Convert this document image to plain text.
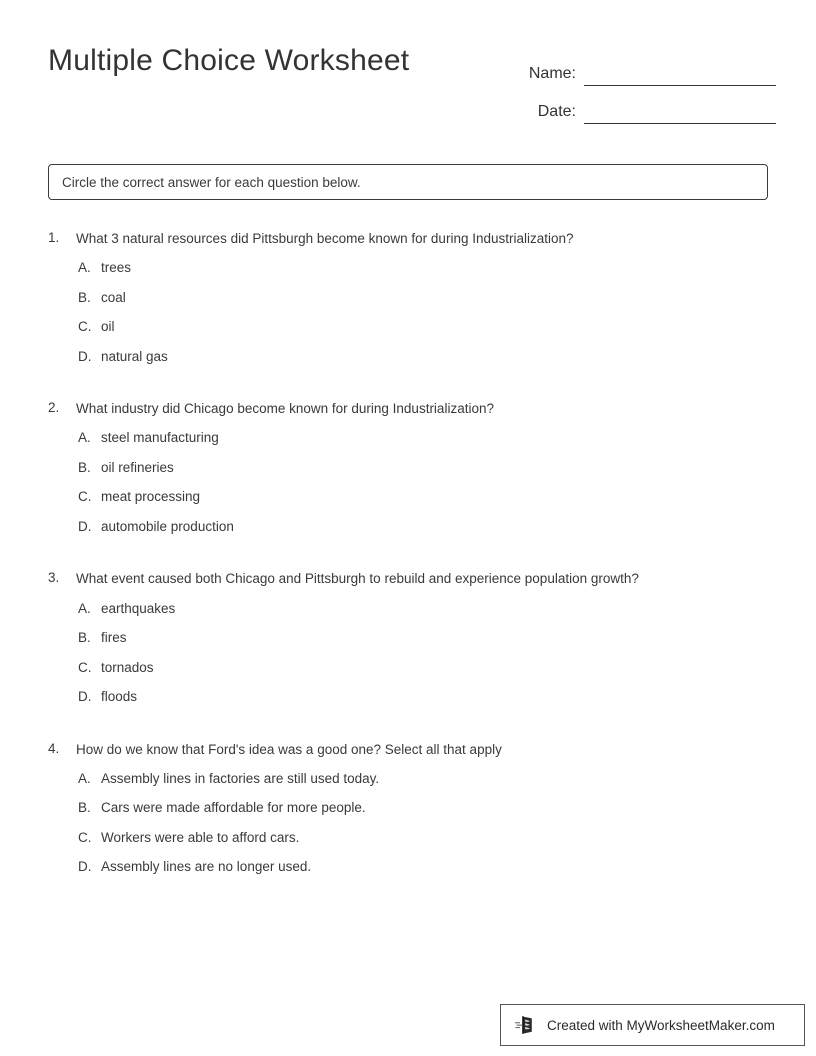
Multiple Choice Worksheet	Name:
Date:
Circle the correct answer for each question below.
1.	What 3 natural resources did Pittsburgh become known for during Industrialization?
A. trees
B. coal
C. oil
D. natural gas
2.	What industry did Chicago become known for during Industrialization?
A. steel manufacturing
B. oil refineries
C. meat processing
D. automobile production
3.	What event caused both Chicago and Pittsburgh to rebuild and experience population growth?
A. earthquakes
B. fires
C. tornados
D. floods
4.	How do we know that Ford's idea was a good one? Select all that apply
A. Assembly lines in factories are still used today.
B. Cars were made affordable for more people.
C. Workers were able to afford cars.
D. Assembly lines are no longer used.
Created with MyWorksheetMaker.com
